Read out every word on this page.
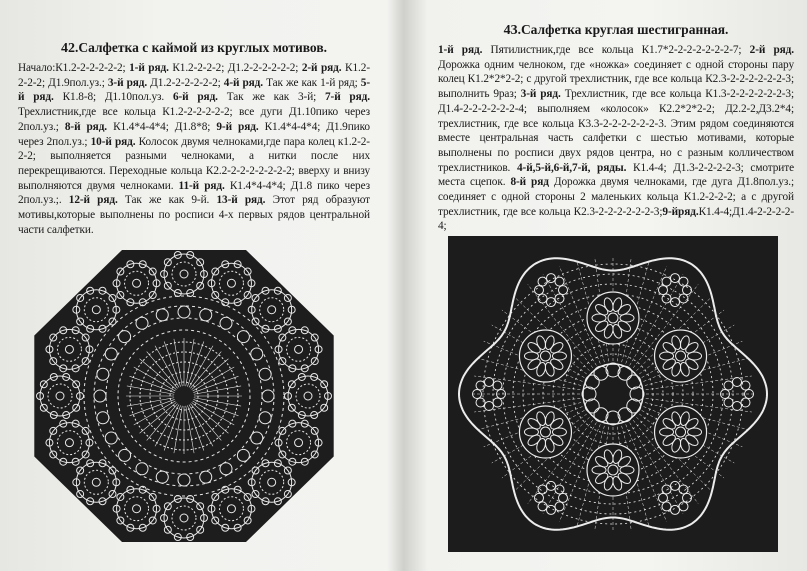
42.Салфетка с каймой из круглых мотивов.

Начало:К1.2-2-2-2-2-2; 1-й ряд. К1.2-2-2-2; Д1.2-2-2-2-2-2; 2-й ряд. К1.2-2-2-2; Д1.9пол.уз.; 3-й ряд. Д1.2-2-2-2-2-2; 4-й ряд. Так же как 1-й ряд; 5-й ряд. К1.8-8; Д1.10пол.уз. 6-й ряд. Так же как 3-й; 7-й ряд. Трехлистник,где все кольца К1.2-2-2-2-2-2; все дуги Д1.10пико через 2пол.уз.; 8-й ряд. К1.4*4-4*4; Д1.8*8; 9-й ряд. К1.4*4-4*4; Д1.9пико через 2пол.уз.; 10-й ряд. Колосок двумя челноками,где пара колец к1.2-2-2-2; выполняется разными челноками, а нитки после них перекрещиваются. Переходные кольца К2.2-2-2-2-2-2-2-2; вверху и внизу выполняются двумя челноками. 11-й ряд. К1.4*4-4*4; Д1.8 пико через 2пол.уз.;. 12-й ряд. Так же как 9-й. 13-й ряд. Этот ряд образуют мотивы,которые выполнены по росписи 4-х первых рядов центральной части салфетки.

43.Салфетка круглая шестигранная.

1-й ряд. Пятилистник,где все кольца К1.7*2-2-2-2-2-2-2-7; 2-й ряд. Дорожка одним челноком, где «ножка» соединяет с одной стороны пару колец К1.2*2*2-2; с другой трехлистник, где все кольца К2.3-2-2-2-2-2-2-3; выполнить 9раз; 3-й ряд. Трехлистник, где все кольца К1.3-2-2-2-2-2-2-3; Д1.4-2-2-2-2-2-2-4; выполняем «колосок» К2.2*2*2-2; Д2.2-2,Д3.2*4; трехлистник, где все кольца К3.3-2-2-2-2-2-2-3. Этим рядом соединяются вместе центральная часть салфетки с шестью мотивами, которые выполнены по росписи двух рядов центра, но с разным колличеством трехлистников. 4-й,5-й,6-й,7-й, ряды. К1.4-4; Д1.3-2-2-2-2-3; смотрите места сцепок. 8-й ряд Дорожка двумя челноками, где дуга Д1.8пол.уз.; соединяет с одной стороны 2 маленьких кольца К1.2-2-2-2; а с другой трехлистник, где все кольца К2.3-2-2-2-2-2-2-3;9-йряд.К1.4-4;Д1.4-2-2-2-2-4;
